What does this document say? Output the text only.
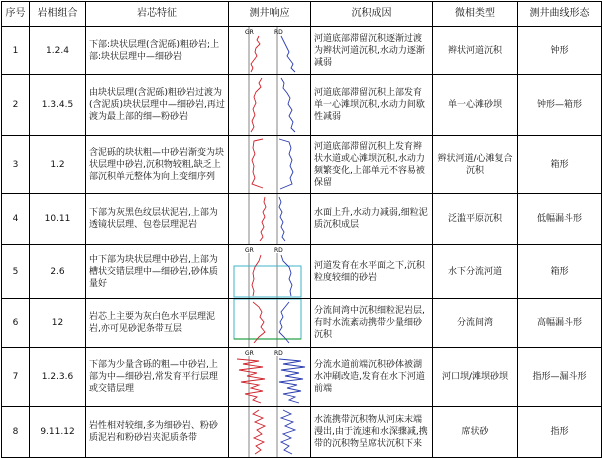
序号	岩相组合	岩芯特征	测井响应	沉积成因	微相类型	测井曲线形态
1	1.2.4	下部:块状层理(含泥砾)粗砂岩;上部:块状层理中—细砂岩	GR RD	河道底部滞留沉积逐渐过渡为辫状河道沉积,水动力逐渐减弱	辫状河道沉积	钟形
2	1.3.4.5	由块状层理(含泥砾)粗砂岩过渡为(含泥质)块状层理中—细砂岩,再过渡为最上部的细—粉砂岩		河道底部滞留沉积上部发育单一心滩坝沉积,水动力间歇性减弱	单一心滩砂坝	钟形—箱形
3	1.2	含泥砾的块状粗—中砂岩渐变为块状层理中砂岩,沉积物较粗,缺乏上部沉积单元整体为向上变细序列		河道底部滞留沉积上发育辫状水道或心滩坝沉积,水动力频繁变化,上部单元不容易被保留	辫状河道/心滩复合沉积	箱形
4	10.11	下部为灰黑色纹层状泥岩,上部为透镜状层理、包卷层理泥岩		水面上升,水动力减弱,细粒泥质沉积成层	泛滥平原沉积	低幅漏斗形
5	2.6	中下部为块状层理中砂岩,上部为槽状交错层理中—细砂岩,砂体质量好	GR RD	河道发育在水平面之下,沉积粒度较细的砂岩	水下分流河道	箱形
6	12	岩芯上主要为灰白色水平层理泥岩,亦可见砂泥条带互层		分流间湾中沉积细粒泥岩层,有时水流紊动携带少量细砂沉积	分流间湾	高幅漏斗形
7	1.2.3.6	下部为少量含砾的粗—中砂岩,上部为中—细砂岩,常发育平行层理或交错层理	GR RD	分流水道前端沉积砂体被湖水冲刷改造,发育在水下河道前端	河口坝/滩坝砂坝	指形—漏斗形
8	9.11.12	岩性相对较细,多为细砂岩、粉砂质泥岩和粉砂岩夹泥质条带		水流携带沉积物从河床末端漫出,由于流速和水深骤减,携带的沉积物呈席状沉积下来	席状砂	指形
